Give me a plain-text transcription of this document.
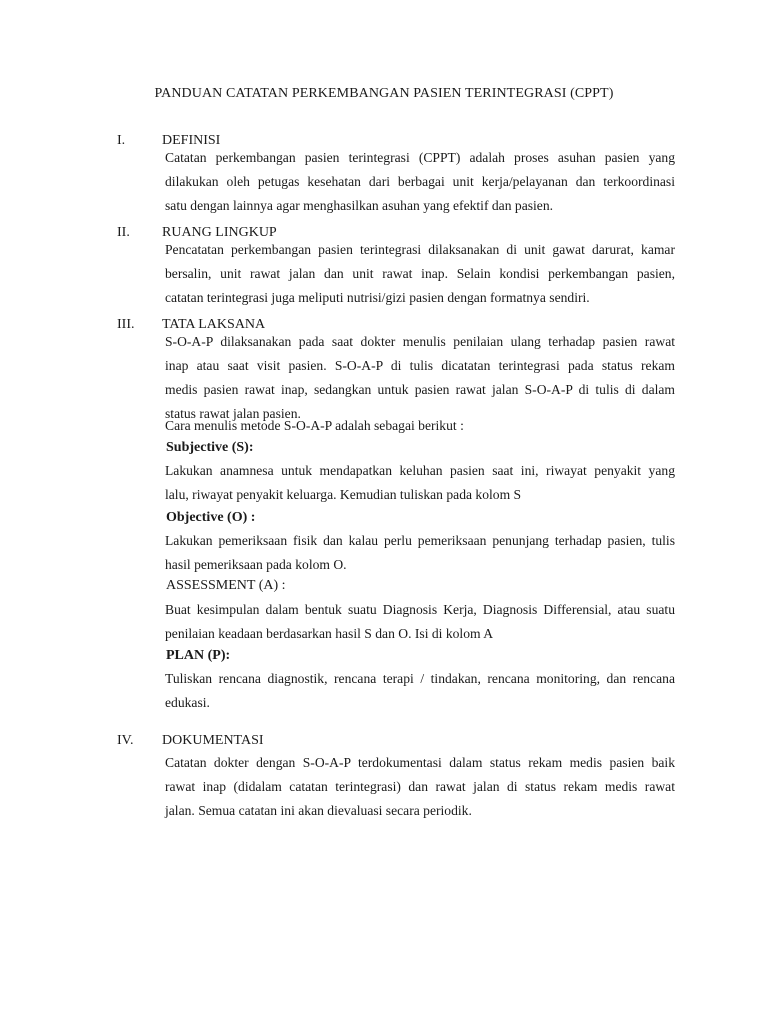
PANDUAN CATATAN PERKEMBANGAN PASIEN TERINTEGRASI (CPPT)

I.	DEFINISI

Catatan perkembangan pasien terintegrasi (CPPT) adalah proses asuhan pasien yang
dilakukan oleh petugas kesehatan dari berbagai unit kerja/pelayanan dan terkoordinasi
satu dengan lainnya agar menghasilkan asuhan yang efektif dan pasien.

II. RUANG LINGKUP

Pencatatan perkembangan pasien terintegrasi dilaksanakan di unit gawat darurat, kamar
bersalin, unit rawat jalan dan unit rawat inap. Selain kondisi perkembangan pasien,
catatan terintegrasi juga meliputi nutrisi/gizi pasien dengan formatnya sendiri.

III. TATA LAKSANA

S-O-A-P dilaksanakan pada saat dokter menulis penilaian ulang terhadap pasien rawat
inap atau saat visit pasien. S-O-A-P di tulis dicatatan terintegrasi pada status rekam
medis pasien rawat inap, sedangkan untuk pasien rawat jalan S-O-A-P di tulis di dalam
status rawat jalan pasien.

Cara menulis metode S-O-A-P adalah sebagai berikut :

Subjective (S):

Lakukan anamnesa untuk mendapatkan keluhan pasien saat ini, riwayat penyakit yang
lalu, riwayat penyakit keluarga. Kemudian tuliskan pada kolom S

Objective (O) :

Lakukan pemeriksaan fisik dan kalau perlu pemeriksaan penunjang terhadap pasien, tulis
hasil pemeriksaan pada kolom O.

ASSESSMENT (A) :

Buat kesimpulan dalam bentuk suatu Diagnosis Kerja, Diagnosis Differensial, atau suatu
penilaian keadaan berdasarkan hasil S dan O. Isi di kolom A

PLAN (P):

Tuliskan rencana diagnostik, rencana terapi / tindakan, rencana monitoring, dan rencana
edukasi.

IV. DOKUMENTASI

Catatan dokter dengan S-O-A-P terdokumentasi dalam status rekam medis pasien baik
rawat inap (didalam catatan terintegrasi) dan rawat jalan di status rekam medis rawat
jalan. Semua catatan ini akan dievaluasi secara periodik.
